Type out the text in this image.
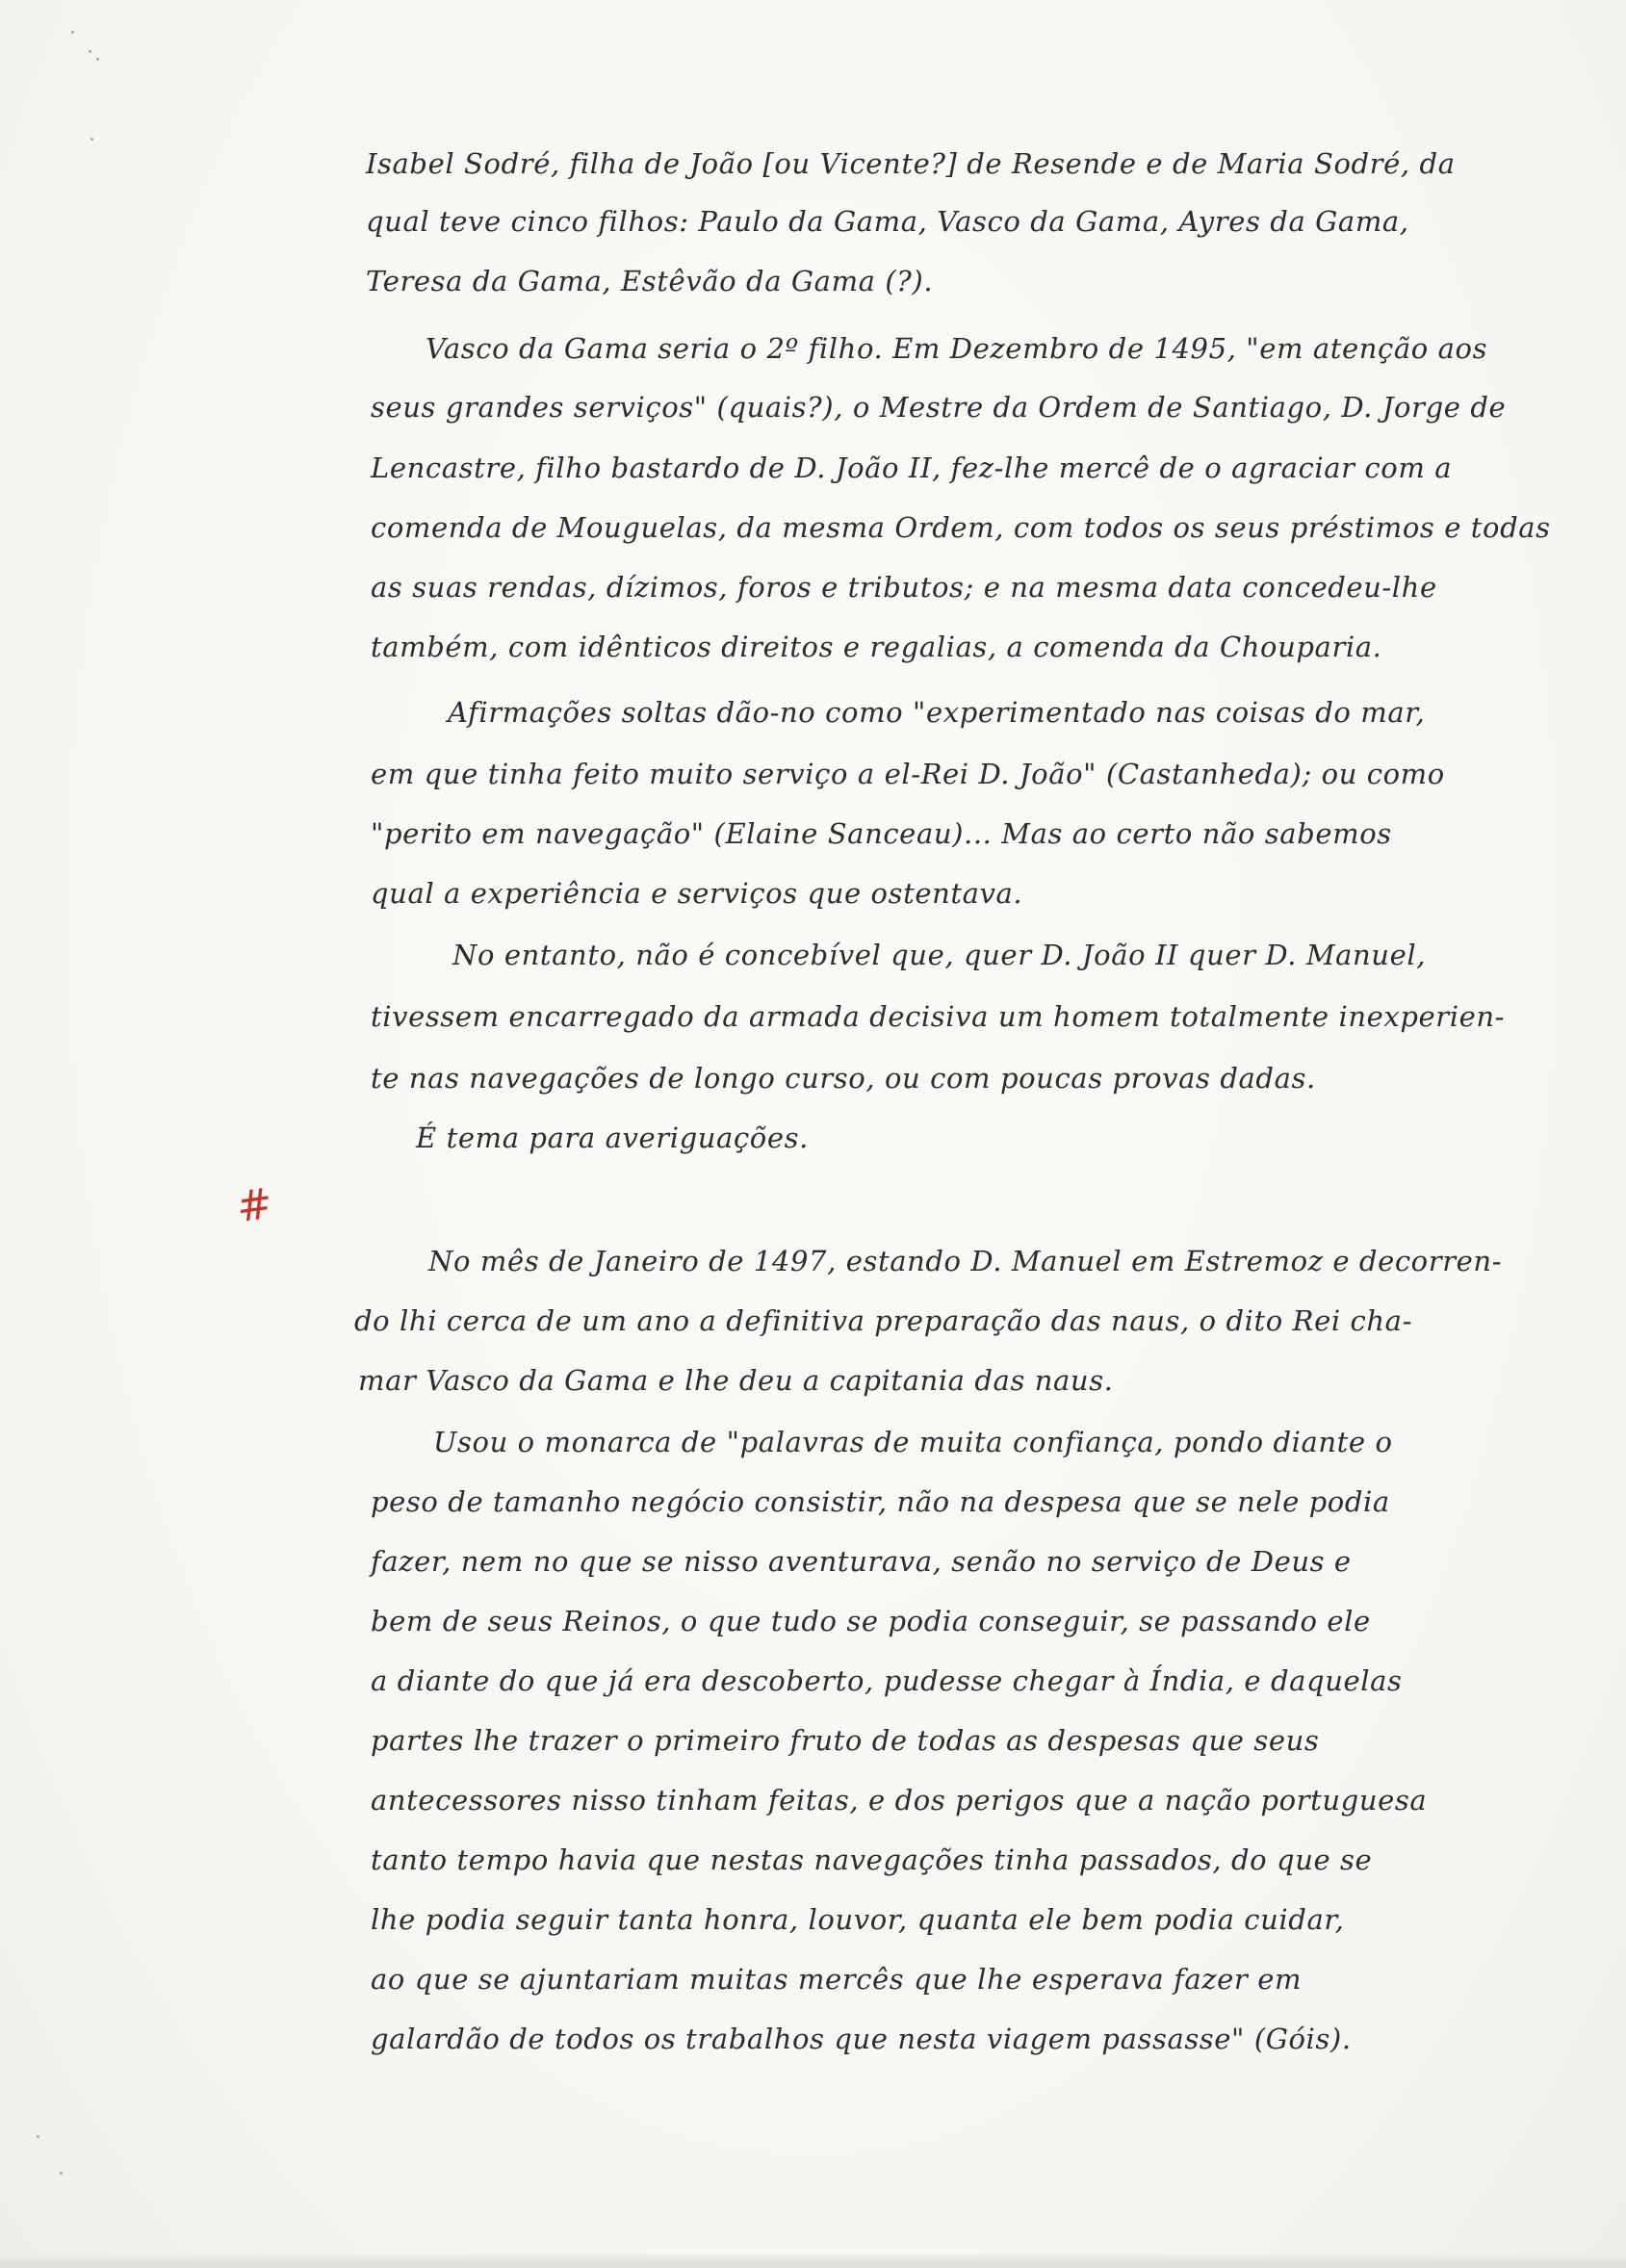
Isabel Sodré, filha de João [ou Vicente?] de Resende e de Maria Sodré, da

qual teve cinco filhos: Paulo da Gama, Vasco da Gama, Ayres da Gama,

Teresa da Gama, Estêvão da Gama (?).

Vasco da Gama seria o 2º filho. Em Dezembro de 1495, "em atenção aos

seus grandes serviços" (quais?), o Mestre da Ordem de Santiago, D. Jorge de

Lencastre, filho bastardo de D. João II, fez-lhe mercê de o agraciar com a

comenda de Mouguelas, da mesma Ordem, com todos os seus préstimos e todas

as suas rendas, dízimos, foros e tributos; e na mesma data concedeu-lhe

também, com idênticos direitos e regalias, a comenda da Chouparia.

Afirmações soltas dão-no como "experimentado nas coisas do mar,

em que tinha feito muito serviço a el-Rei D. João" (Castanheda); ou como

"perito em navegação" (Elaine Sanceau)... Mas ao certo não sabemos

qual a experiência e serviços que ostentava.

No entanto, não é concebível que, quer D. João II quer D. Manuel,

tivessem encarregado da armada decisiva um homem totalmente inexperien-

te nas navegações de longo curso, ou com poucas provas dadas.

É tema para averiguações.

#

No mês de Janeiro de 1497, estando D. Manuel em Estremoz e decorren-

do lhi cerca de um ano a definitiva preparação das naus, o dito Rei cha-

mar Vasco da Gama e lhe deu a capitania das naus.

Usou o monarca de "palavras de muita confiança, pondo diante o

peso de tamanho negócio consistir, não na despesa que se nele podia

fazer, nem no que se nisso aventurava, senão no serviço de Deus e

bem de seus Reinos, o que tudo se podia conseguir, se passando ele

a diante do que já era descoberto, pudesse chegar à Índia, e daquelas

partes lhe trazer o primeiro fruto de todas as despesas que seus

antecessores nisso tinham feitas, e dos perigos que a nação portuguesa

tanto tempo havia que nestas navegações tinha passados, do que se

lhe podia seguir tanta honra, louvor, quanta ele bem podia cuidar,

ao que se ajuntariam muitas mercês que lhe esperava fazer em

galardão de todos os trabalhos que nesta viagem passasse" (Góis).
